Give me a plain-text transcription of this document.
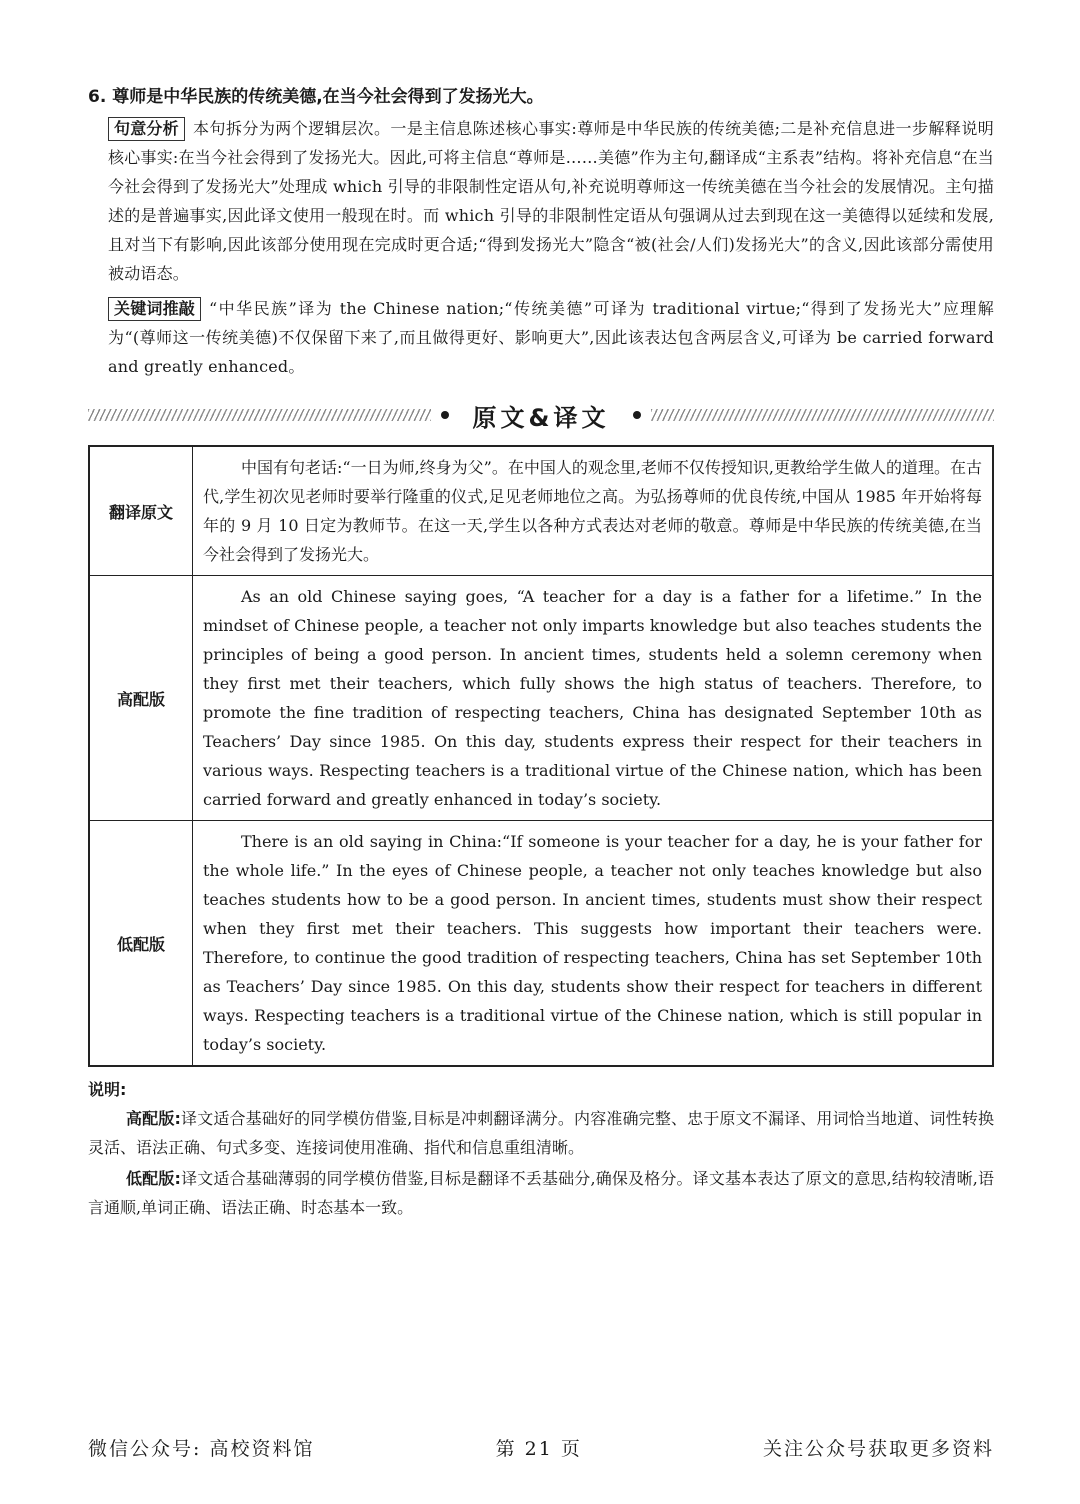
6. 尊师是中华民族的传统美德,在当今社会得到了发扬光大。

句意分析 本句拆分为两个逻辑层次。一是主信息陈述核心事实:尊师是中华民族的传统美德;二是补充信息进一步解释说明核心事实:在当今社会得到了发扬光大。因此,可将主信息“尊师是……美德”作为主句,翻译成“主系表”结构。将补充信息“在当今社会得到了发扬光大”处理成 which 引导的非限制性定语从句,补充说明尊师这一传统美德在当今社会的发展情况。主句描述的是普遍事实,因此译文使用一般现在时。而 which 引导的非限制性定语从句强调从过去到现在这一美德得以延续和发展,且对当下有影响,因此该部分使用现在完成时更合适;“得到发扬光大”隐含“被(社会/人们)发扬光大”的含义,因此该部分需使用被动语态。

关键词推敲 “中华民族”译为 the Chinese nation;“传统美德”可译为 traditional virtue;“得到了发扬光大”应理解为“(尊师这一传统美德)不仅保留下来了,而且做得更好、影响更大”,因此该表达包含两层含义,可译为 be carried forward and greatly enhanced。

原文&译文
翻译原文	中国有句老话:“一日为师,终身为父”。在中国人的观念里,老师不仅传授知识,更教给学生做人的道理。在古代,学生初次见老师时要举行隆重的仪式,足见老师地位之高。为弘扬尊师的优良传统,中国从 1985 年开始将每年的 9 月 10 日定为教师节。在这一天,学生以各种方式表达对老师的敬意。尊师是中华民族的传统美德,在当今社会得到了发扬光大。

高配版	As an old Chinese saying goes, “A teacher for a day is a father for a lifetime.” In the mindset of Chinese people, a teacher not only imparts knowledge but also teaches students the principles of being a good person. In ancient times, students held a solemn ceremony when they first met their teachers, which fully shows the high status of teachers. Therefore, to promote the fine tradition of respecting teachers, China has designated September 10th as Teachers’ Day since 1985. On this day, students express their respect for their teachers in various ways. Respecting teachers is a traditional virtue of the Chinese nation, which has been carried forward and greatly enhanced in today’s society.

低配版	There is an old saying in China:“If someone is your teacher for a day, he is your father for the whole life.” In the eyes of Chinese people, a teacher not only teaches knowledge but also teaches students how to be a good person. In ancient times, students must show their respect when they first met their teachers. This suggests how important their teachers were. Therefore, to continue the good tradition of respecting teachers, China has set September 10th as Teachers’ Day since 1985. On this day, students show their respect for teachers in different ways. Respecting teachers is a traditional virtue of the Chinese nation, which is still popular in today’s society.

说明:

高配版:译文适合基础好的同学模仿借鉴,目标是冲刺翻译满分。内容准确完整、忠于原文不漏译、用词恰当地道、词性转换灵活、语法正确、句式多变、连接词使用准确、指代和信息重组清晰。

低配版:译文适合基础薄弱的同学模仿借鉴,目标是翻译不丢基础分,确保及格分。译文基本表达了原文的意思,结构较清晰,语言通顺,单词正确、语法正确、时态基本一致。

微信公众号: 高校资料馆	第 21 页	关注公众号获取更多资料
